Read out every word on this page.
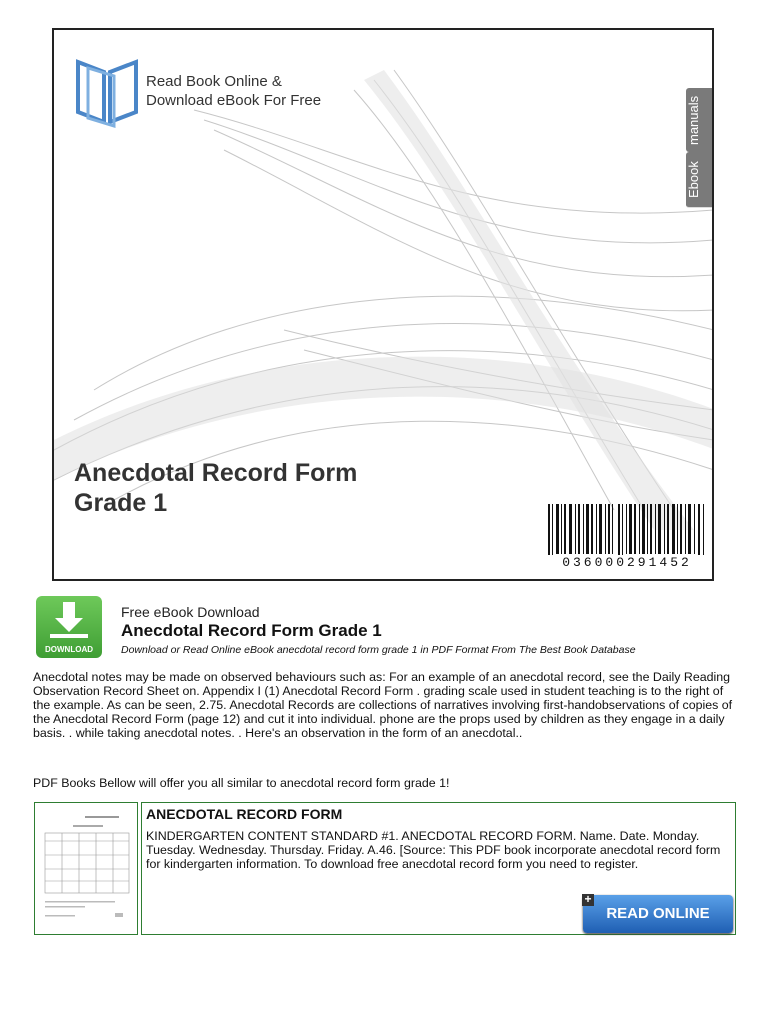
Read Book Online &
Download eBook For Free	manuals
Ebook
Anecdotal Record Form
Grade 1
036000291452
DOWNLOAD
Free eBook Download
Anecdotal Record Form Grade 1
Download or Read Online eBook anecdotal record form grade 1 in PDF Format From The Best Book Database
Anecdotal notes may be made on observed behaviours such as: For an example of an anecdotal record, see the Daily Reading Observation Record Sheet on. Appendix I (1) Anecdotal Record Form . grading scale used in student teaching is to the right of the example. As can be seen, 2.75. Anecdotal Records are collections of narratives involving first-handobservations of copies of the Anecdotal Record Form (page 12) and cut it into individual. phone are the props used by children as they engage in a daily basis. . while taking anecdotal notes. . Here's an observation in the form of an anecdotal..
PDF Books Bellow will offer you all similar to anecdotal record form grade 1!
ANECDOTAL RECORD FORM
KINDERGARTEN CONTENT STANDARD #1. ANECDOTAL RECORD FORM. Name. Date. Monday. Tuesday. Wednesday. Thursday. Friday. A.46. [Source: This PDF book incorporate anecdotal record form for kindergarten information. To download free anecdotal record form you need to register.
+
READ ONLINE
